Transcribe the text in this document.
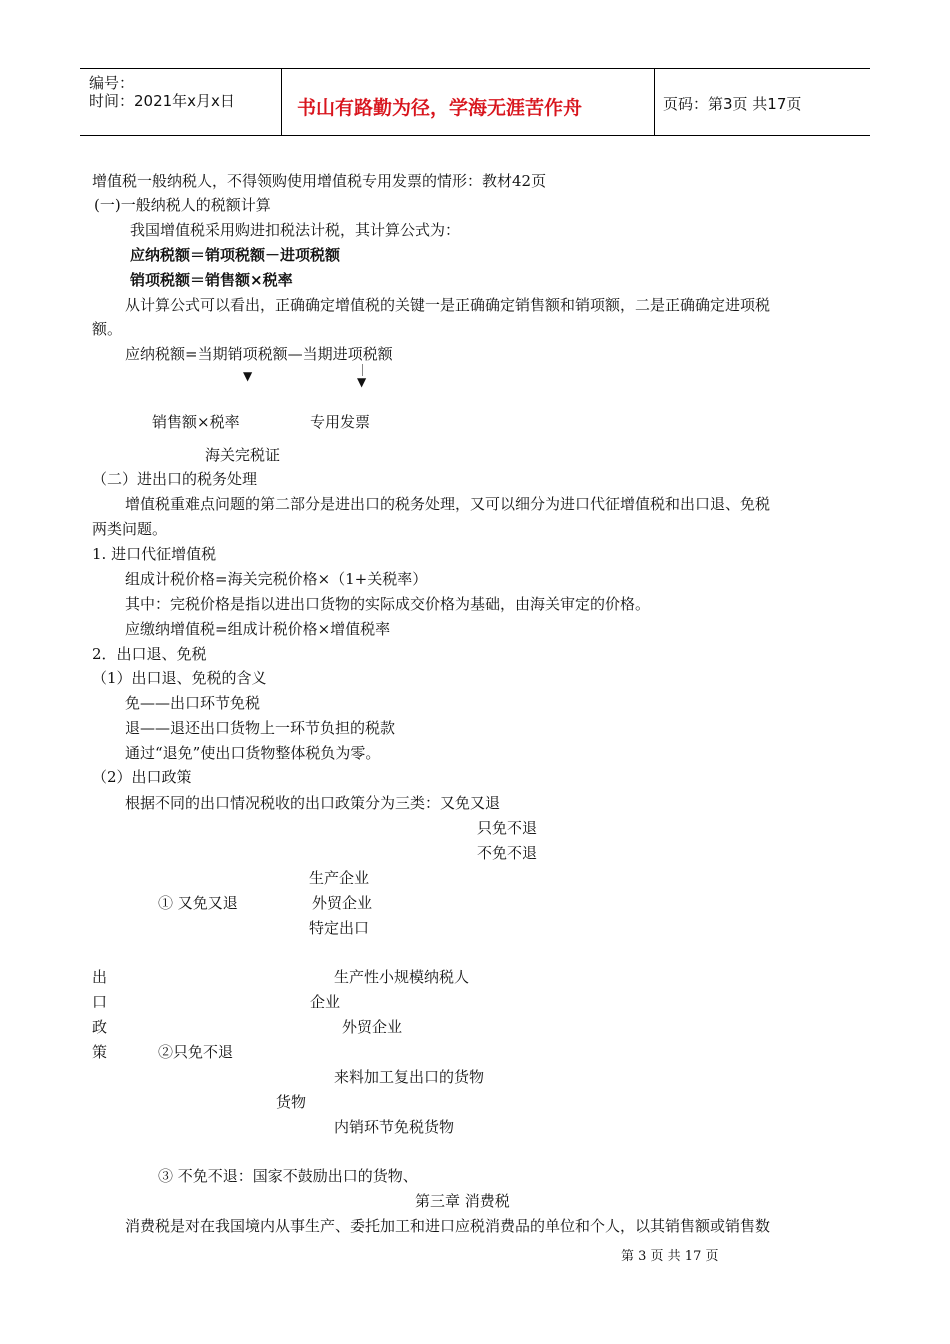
编号：
时间：2021年x月x日	书山有路勤为径，学海无涯苦作舟	页码：第3页 共17页
增值税一般纳税人，不得领购使用增值税专用发票的情形：教材42页
(一)一般纳税人的税额计算
我国增值税采用购进扣税法计税，其计算公式为：
应纳税额＝销项税额－进项税额
销项税额＝销售额×税率
从计算公式可以看出，正确确定增值税的关键一是正确确定销售额和销项额，二是正确确定进项税
额。
应纳税额=当期销项税额—当期进项税额
▼	▼
销售额×税率	专用发票
海关完税证
（二）进出口的税务处理
增值税重难点问题的第二部分是进出口的税务处理，又可以细分为进口代征增值税和出口退、免税
两类问题。
1. 进口代征增值税
组成计税价格=海关完税价格×（1+关税率）
其中：完税价格是指以进出口货物的实际成交价格为基础，由海关审定的价格。
应缴纳增值税=组成计税价格×增值税率
2．出口退、免税
（1）出口退、免税的含义
免——出口环节免税
退——退还出口货物上一环节负担的税款
通过“退免”使出口货物整体税负为零。
（2）出口政策
根据不同的出口情况税收的出口政策分为三类：又免又退
只免不退
不免不退
生产企业
① 又免又退	外贸企业
特定出口
出
口
政
策
生产性小规模纳税人
企业
外贸企业
②只免不退
来料加工复出口的货物
货物
内销环节免税货物
③ 不免不退：国家不鼓励出口的货物、
第三章 消费税
消费税是对在我国境内从事生产、委托加工和进口应税消费品的单位和个人，以其销售额或销售数
第 3 页 共 17 页
